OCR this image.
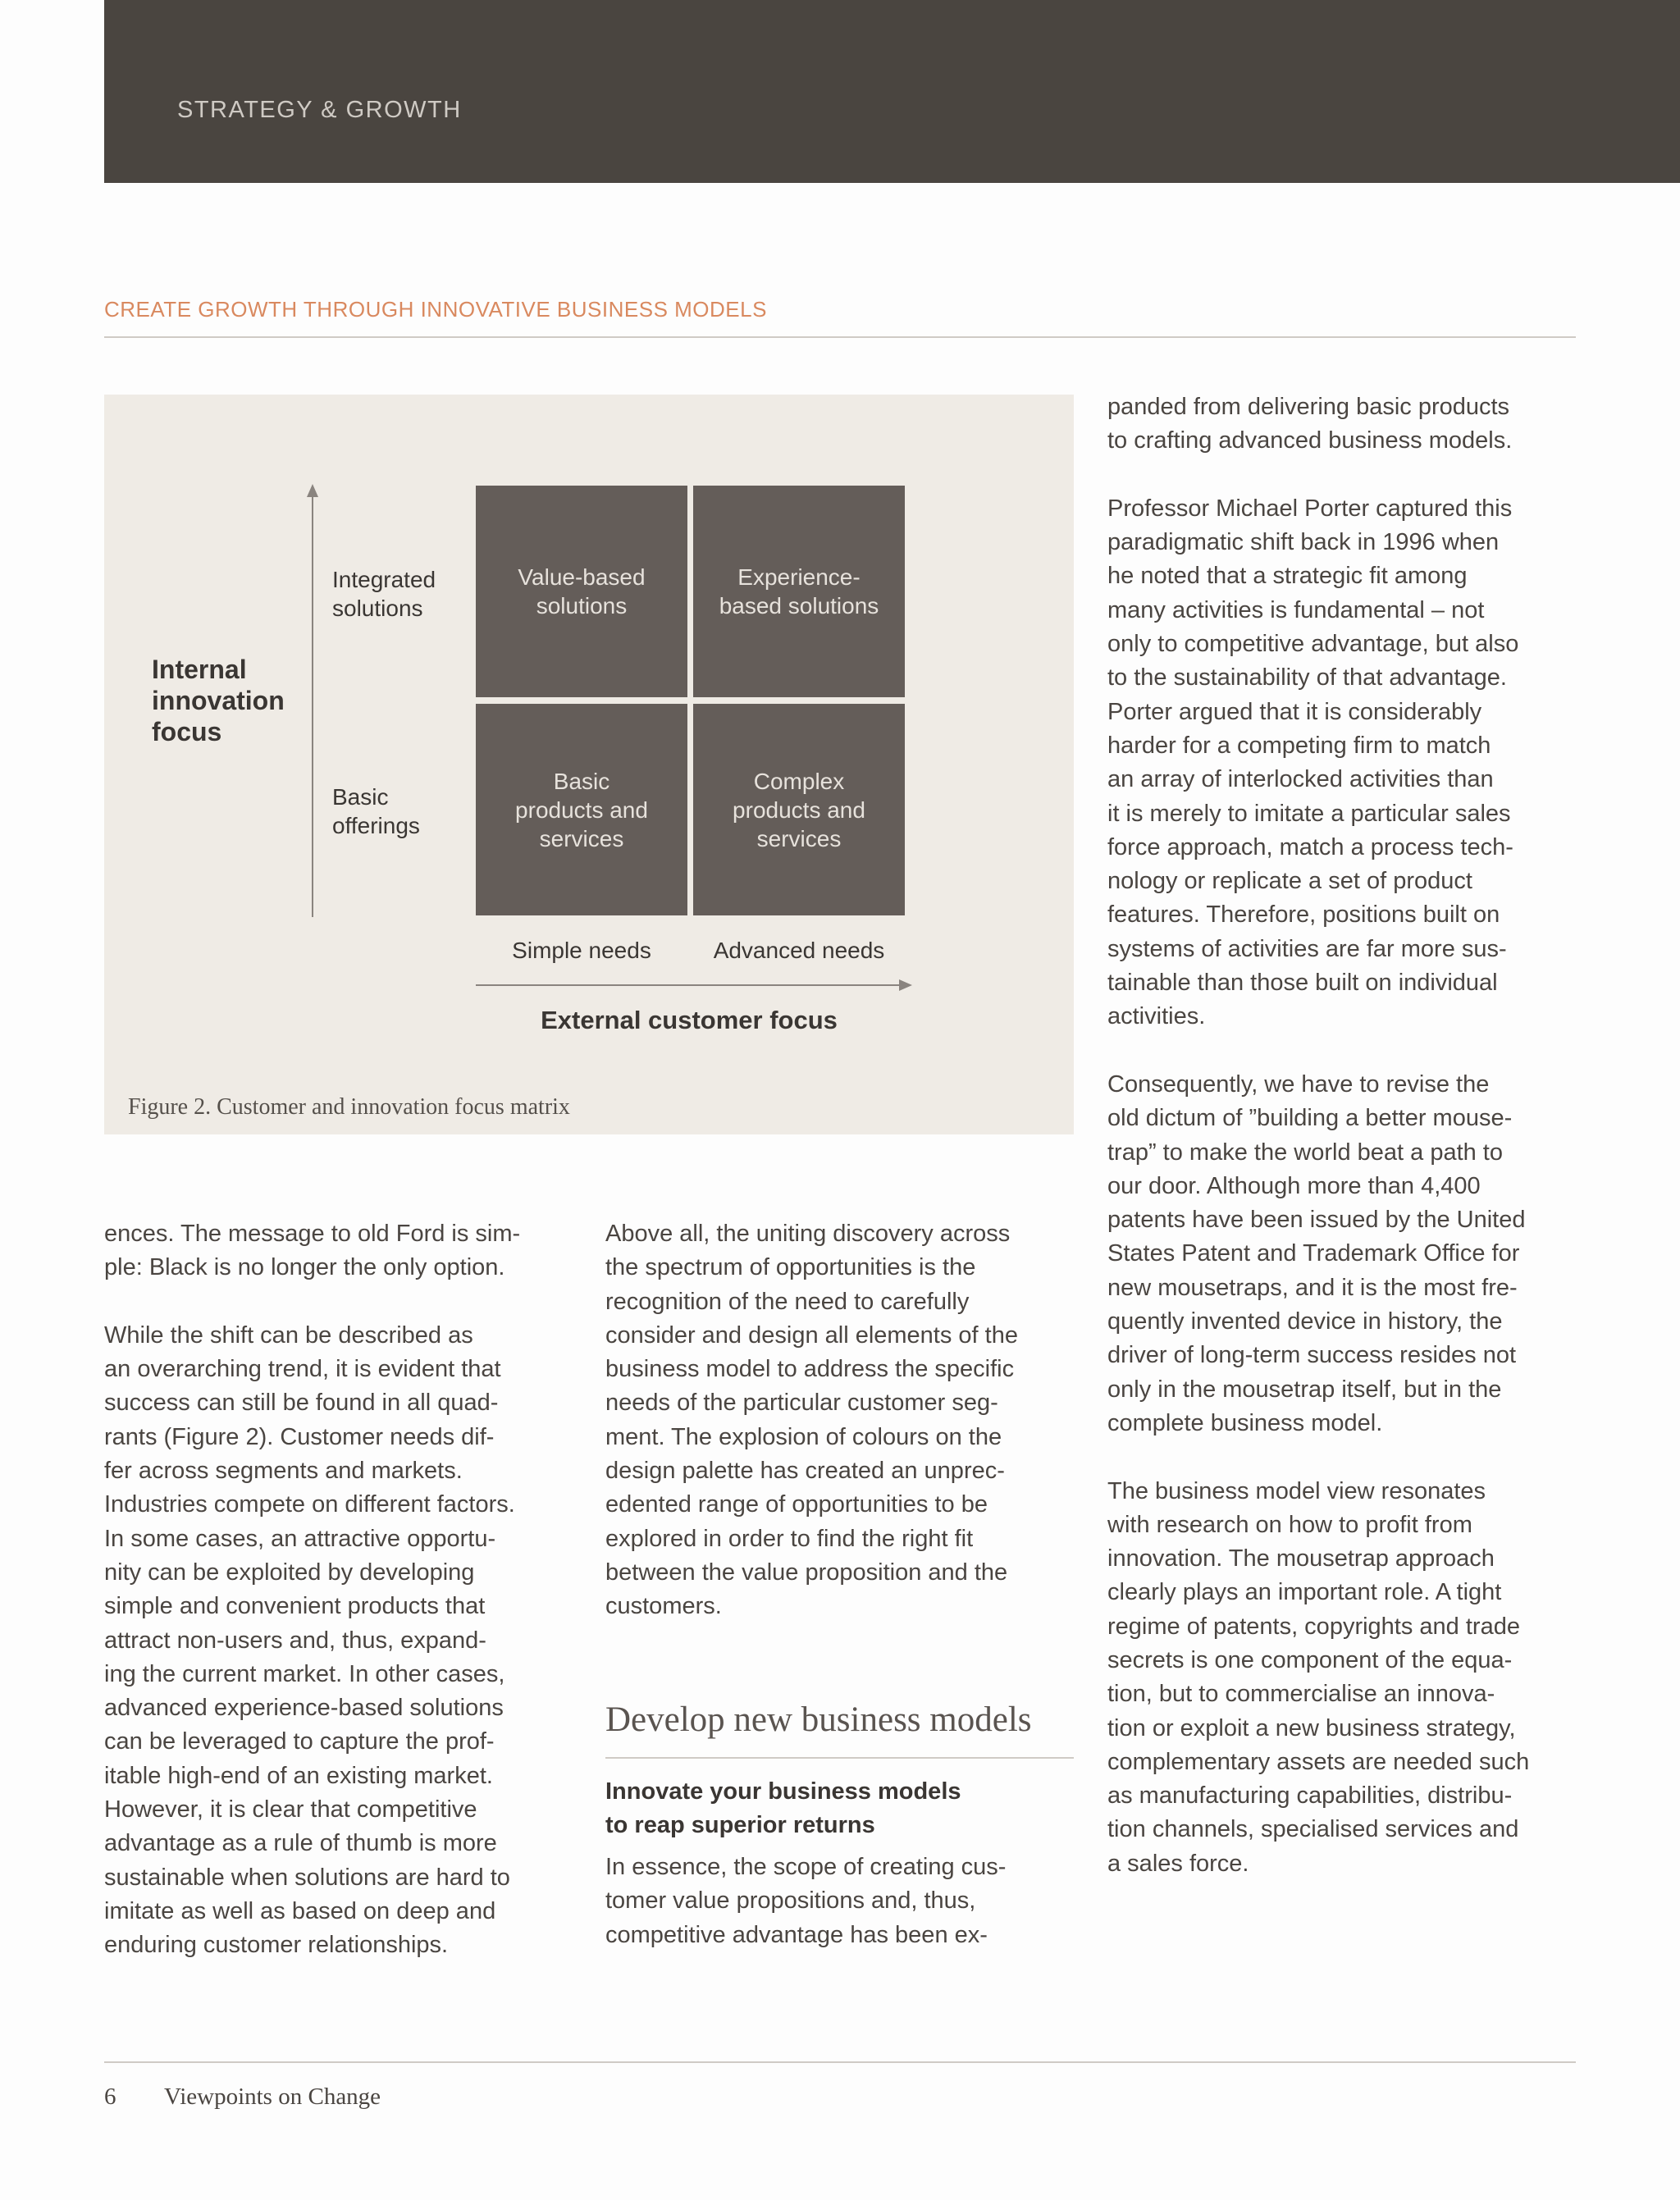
STRATEGY & GROWTH
CREATE GROWTH THROUGH INNOVATIVE BUSINESS MODELS
Internal
innovation
focus
Integrated
solutions
Basic
offerings
Value-based
solutions
Experience-
based solutions
Basic
products and
services
Complex
products and
services
Simple needs	Advanced needs
External customer focus
Figure 2. Customer and innovation focus matrix

ences. The message to old Ford is sim-
ple: Black is no longer the only option.

While the shift can be described as
an overarching trend, it is evident that
success can still be found in all quad-
rants (Figure 2). Customer needs dif-
fer across segments and markets.
Industries compete on different factors.
In some cases, an attractive opportu-
nity can be exploited by developing
simple and convenient products that
attract non-users and, thus, expand-
ing the current market. In other cases,
advanced experience-based solutions
can be leveraged to capture the prof-
itable high-end of an existing market.
However, it is clear that competitive
advantage as a rule of thumb is more
sustainable when solutions are hard to
imitate as well as based on deep and
enduring customer relationships.

Above all, the uniting discovery across
the spectrum of opportunities is the
recognition of the need to carefully
consider and design all elements of the
business model to address the specific
needs of the particular customer seg-
ment. The explosion of colours on the
design palette has created an unprec-
edented range of opportunities to be
explored in order to find the right fit
between the value proposition and the
customers.

Develop new business models
Innovate your business models
to reap superior returns

In essence, the scope of creating cus-
tomer value propositions and, thus,
competitive advantage has been ex-

panded from delivering basic products
to crafting advanced business models.

Professor Michael Porter captured this
paradigmatic shift back in 1996 when
he noted that a strategic fit among
many activities is fundamental – not
only to competitive advantage, but also
to the sustainability of that advantage.
Porter argued that it is considerably
harder for a competing firm to match
an array of interlocked activities than
it is merely to imitate a particular sales
force approach, match a process tech-
nology or replicate a set of product
features. Therefore, positions built on
systems of activities are far more sus-
tainable than those built on individual
activities.

Consequently, we have to revise the
old dictum of ”building a better mouse-
trap” to make the world beat a path to
our door. Although more than 4,400
patents have been issued by the United
States Patent and Trademark Office for
new mousetraps, and it is the most fre-
quently invented device in history, the
driver of long-term success resides not
only in the mousetrap itself, but in the
complete business model.

The business model view resonates
with research on how to profit from
innovation. The mousetrap approach
clearly plays an important role. A tight
regime of patents, copyrights and trade
secrets is one component of the equa-
tion, but to commercialise an innova-
tion or exploit a new business strategy,
complementary assets are needed such
as manufacturing capabilities, distribu-
tion channels, specialised services and
a sales force.

6 Viewpoints on Change
